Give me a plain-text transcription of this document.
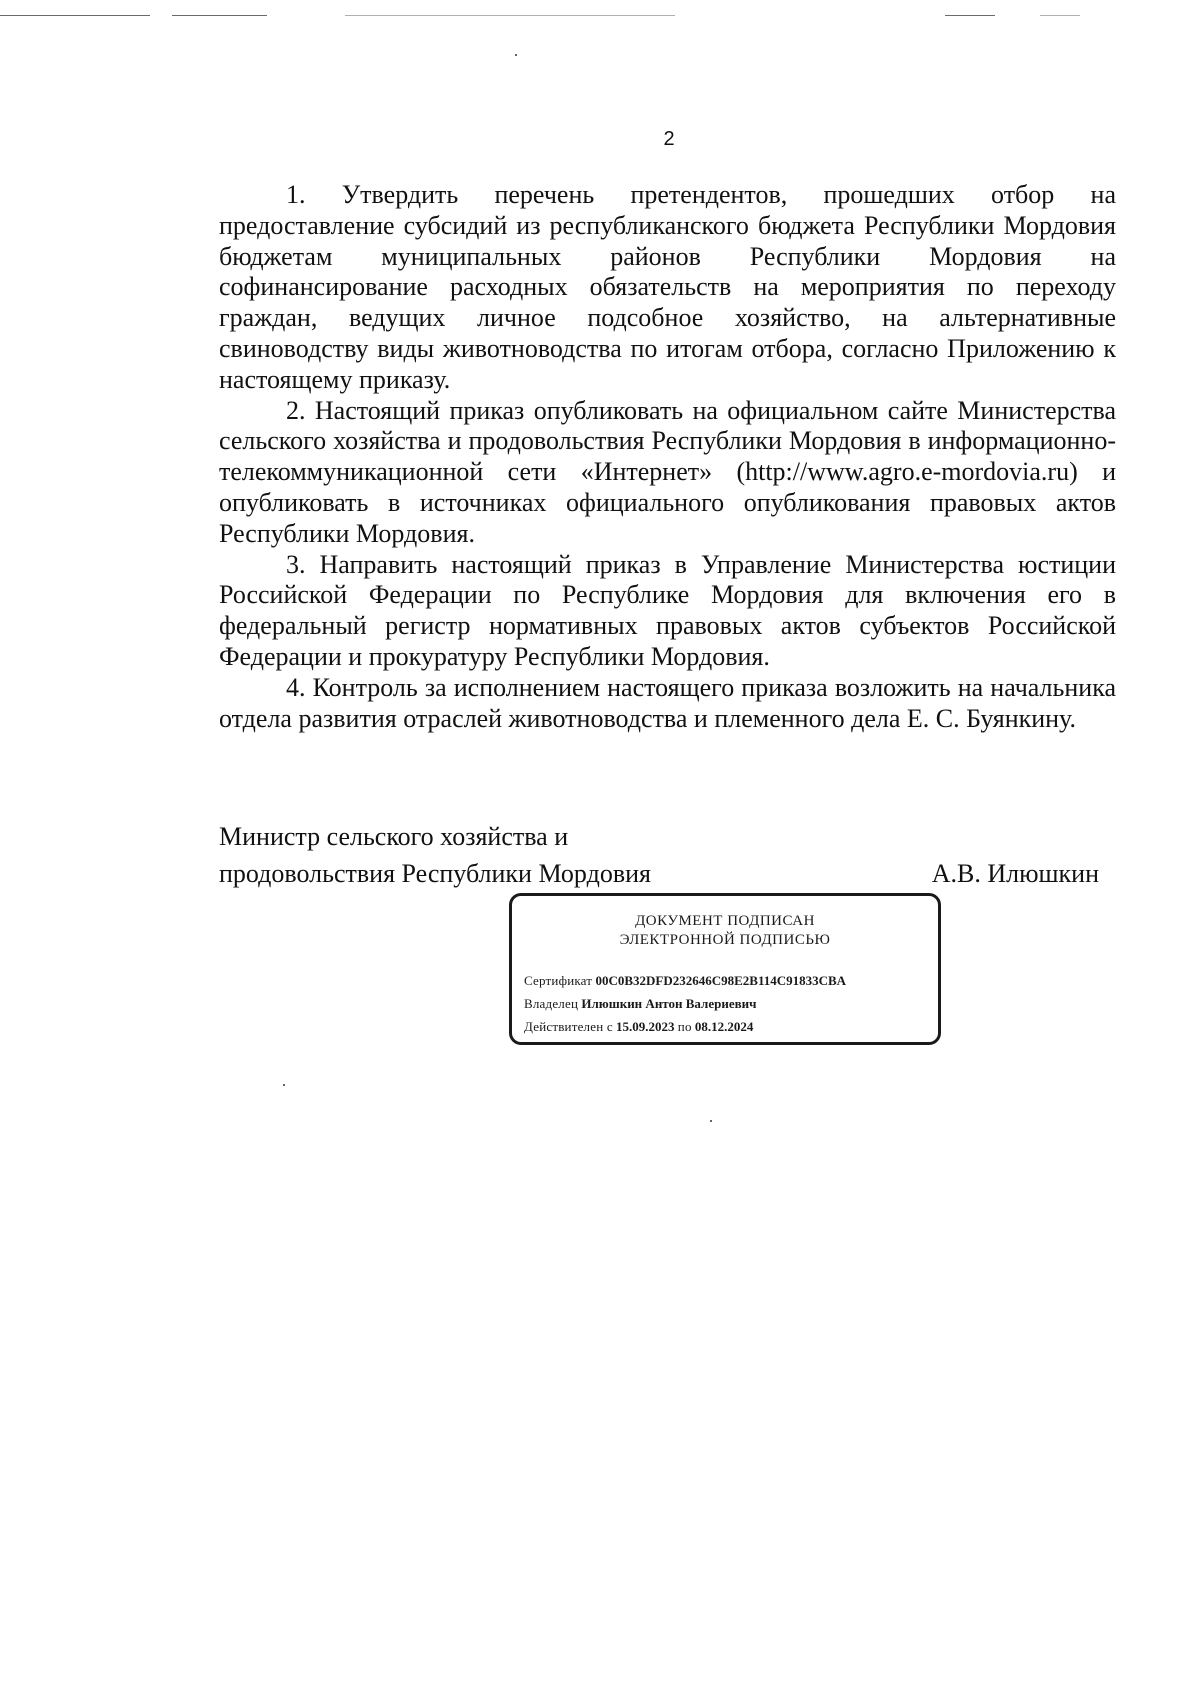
2

1. Утвердить перечень претендентов, прошедших отбор на предоставление субсидий из республиканского бюджета Республики Мордовия бюджетам муниципальных районов Республики Мордовия на софинансирование расходных обязательств на мероприятия по переходу граждан, ведущих личное подсобное хозяйство, на альтернативные свиноводству виды животноводства по итогам отбора, согласно Приложению к настоящему приказу.

2. Настоящий приказ опубликовать на официальном сайте Министерства сельского хозяйства и продовольствия Республики Мордовия в информационно-телекоммуникационной сети «Интернет» (http://www.agro.e-mordovia.ru) и опубликовать в источниках официального опубликования правовых актов Республики Мордовия.

3. Направить настоящий приказ в Управление Министерства юстиции Российской Федерации по Республике Мордовия для включения его в федеральный регистр нормативных правовых актов субъектов Российской Федерации и прокуратуру Республики Мордовия.

4. Контроль за исполнением настоящего приказа возложить на начальника отдела развития отраслей животноводства и племенного дела Е. С. Буянкину.

Министр сельского хозяйства и
продовольствия Республики Мордовия	А.В. Илюшкин
ДОКУМЕНТ ПОДПИСАН
ЭЛЕКТРОННОЙ ПОДПИСЬЮ
Сертификат 00C0B32DFD232646C98E2B114C91833CBA
Владелец Илюшкин Антон Валериевич
Действителен с 15.09.2023 по 08.12.2024
